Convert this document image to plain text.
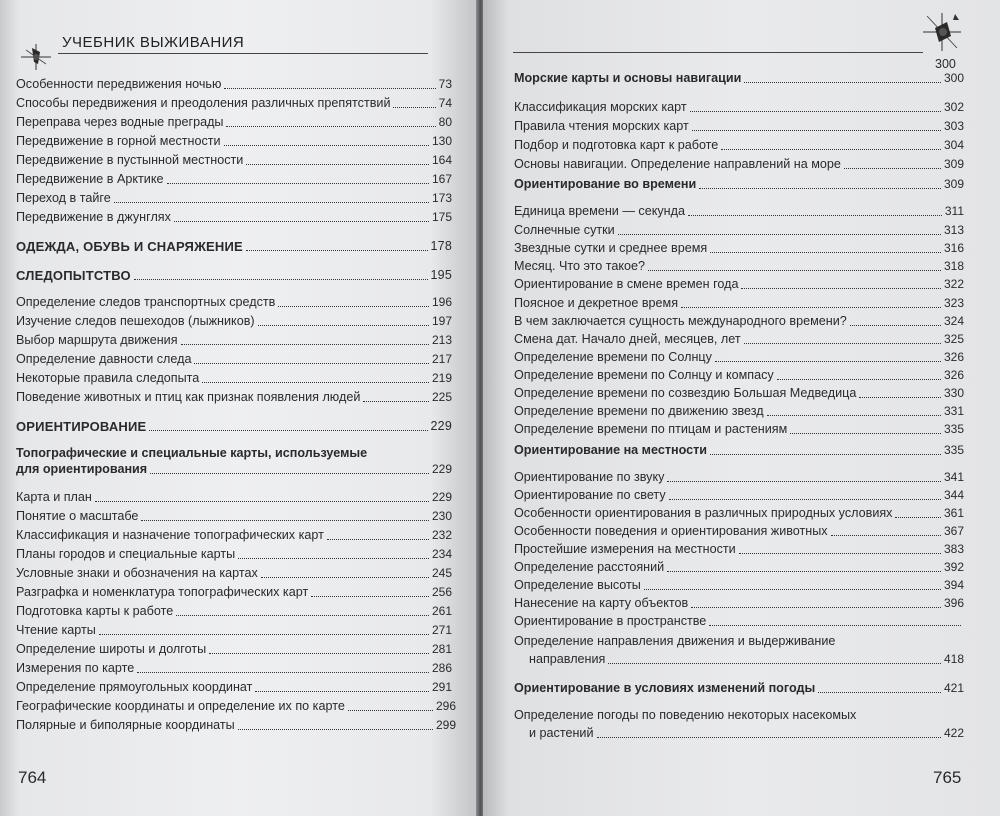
УЧЕБНИК ВЫЖИВАНИЯ
Особенности передвижения ночью	73
Способы передвижения и преодоления различных препятствий	74
Переправа через водные преграды	80
Передвижение в горной местности	130
Передвижение в пустынной местности	164
Передвижение в Арктике	167
Переход в тайге	173
Передвижение в джунглях	175
ОДЕЖДА, ОБУВЬ И СНАРЯЖЕНИЕ	178
СЛЕДОПЫТСТВО	195
Определение следов транспортных средств	196
Изучение следов пешеходов (лыжников)	197
Выбор маршрута движения	213
Определение давности следа	217
Некоторые правила следопыта	219
Поведение животных и птиц как признак появления людей	225
ОРИЕНТИРОВАНИЕ	229
Топографические и специальные карты, используемые
для ориентирования	229
Карта и план	229
Понятие о масштабе	230
Классификация и назначение топографических карт	232
Планы городов и специальные карты	234
Условные знаки и обозначения на картах	245
Разграфка и номенклатура топографических карт	256
Подготовка карты к работе	261
Чтение карты	271
Определение широты и долготы	281
Измерения по карте	286
Определение прямоугольных координат	291
Географические координаты и определение их по карте	296
Полярные и биполярные координаты	299
764
300
Морские карты и основы навигации	300
Классификация морских карт	302
Правила чтения морских карт	303
Подбор и подготовка карт к работе	304
Основы навигации. Определение направлений на море	309
Ориентирование во времени	309
Единица времени — секунда	311
Солнечные сутки	313
Звездные сутки и среднее время	316
Месяц. Что это такое?	318
Ориентирование в смене времен года	322
Поясное и декретное время	323
В чем заключается сущность международного времени?	324
Смена дат. Начало дней, месяцев, лет	325
Определение времени по Солнцу	326
Определение времени по Солнцу и компасу	326
Определение времени по созвездию Большая Медведица	330
Определение времени по движению звезд	331
Определение времени по птицам и растениям	335
Ориентирование на местности	335
Ориентирование по звуку	341
Ориентирование по свету	344
Особенности ориентирования в различных природных условиях	361
Особенности поведения и ориентирования животных	367
Простейшие измерения на местности	383
Определение расстояний	392
Определение высоты	394
Нанесение на карту объектов	396
Ориентирование в пространстве
Определение направления движения и выдерживание
направления	418
Ориентирование в условиях изменений погоды	421
Определение погоды по поведению некоторых насекомых
и растений	422
765
